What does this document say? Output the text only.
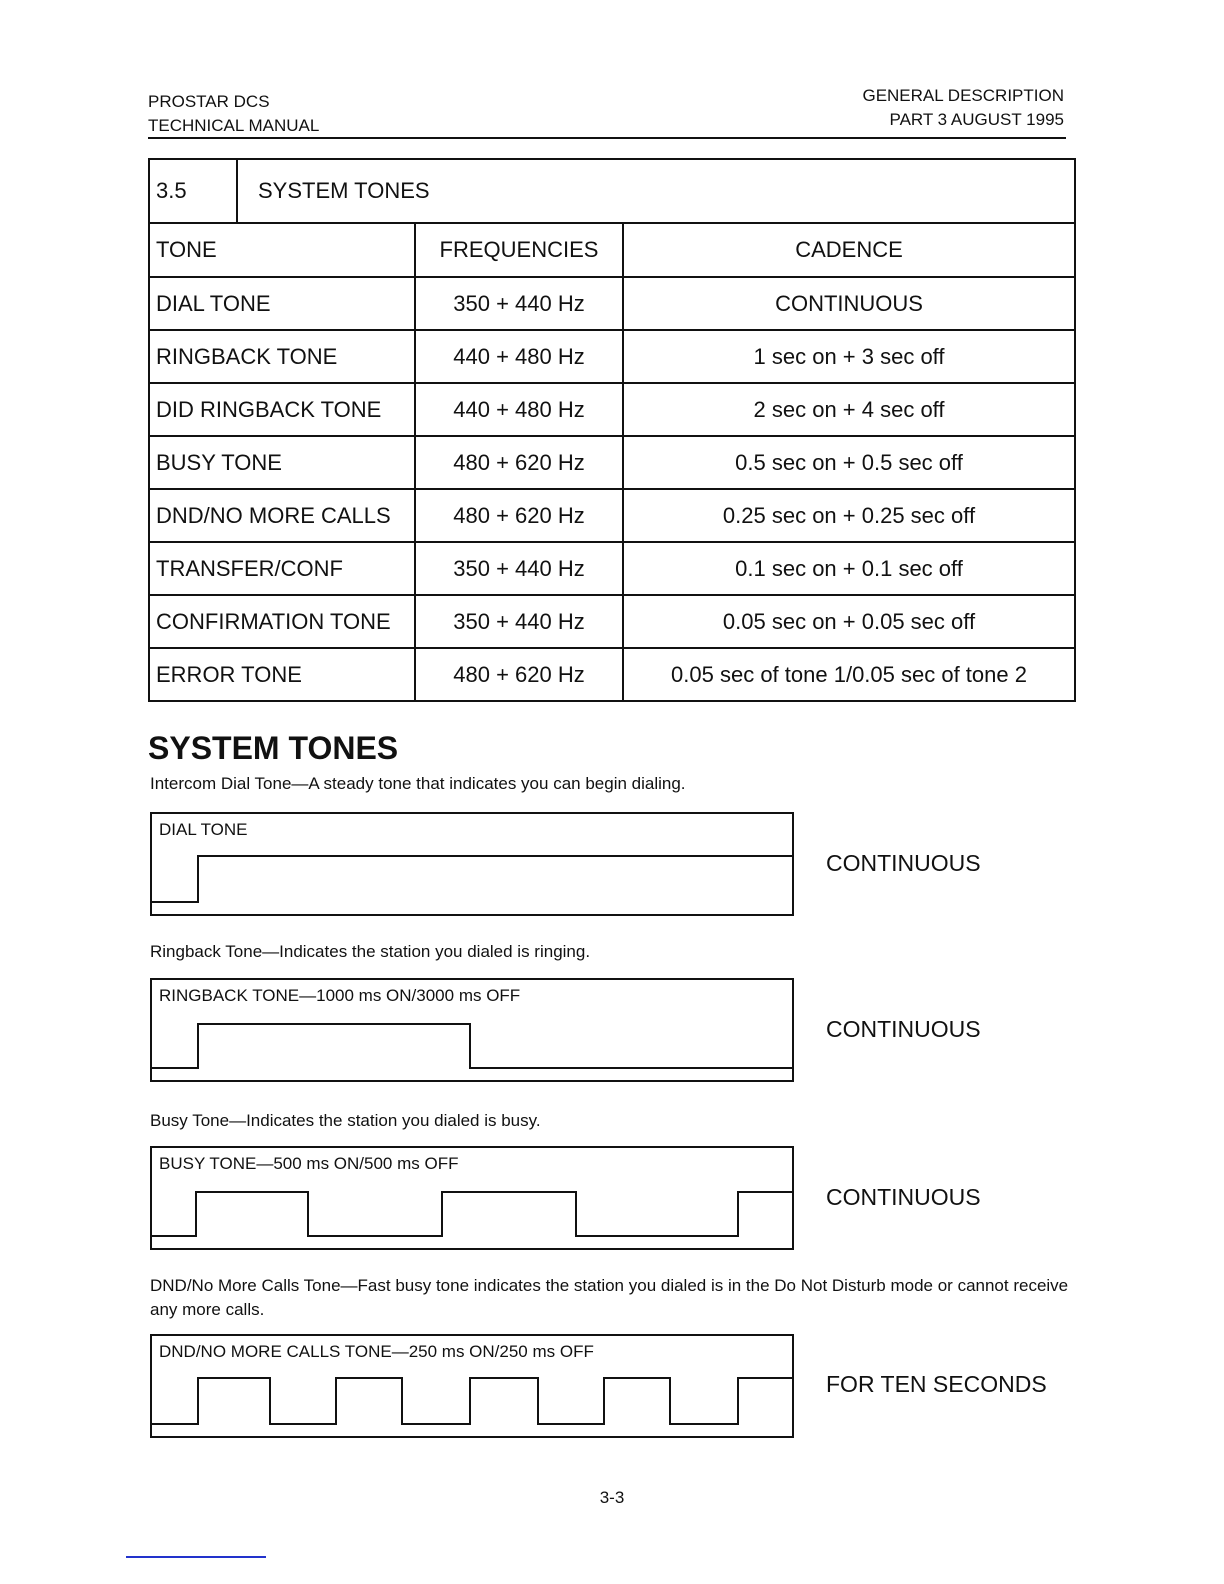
PROSTAR DCS
TECHNICAL MANUAL
GENERAL DESCRIPTION
PART 3 AUGUST 1995
3.5	SYSTEM TONES		
TONE		FREQUENCIES	CADENCE
DIAL TONE		350 + 440 Hz	CONTINUOUS
RINGBACK TONE		440 + 480 Hz	1 sec on + 3 sec off
DID RINGBACK TONE		440 + 480 Hz	2 sec on + 4 sec off
BUSY TONE		480 + 620 Hz	0.5 sec on + 0.5 sec off
DND/NO MORE CALLS		480 + 620 Hz	0.25 sec on + 0.25 sec off
TRANSFER/CONF		350 + 440 Hz	0.1 sec on + 0.1 sec off
CONFIRMATION TONE		350 + 440 Hz	0.05 sec on + 0.05 sec off
ERROR TONE		480 + 620 Hz	0.05 sec of tone 1/0.05 sec of tone 2
SYSTEM TONES
Intercom Dial Tone—A steady tone that indicates you can begin dialing.
DIAL TONE
CONTINUOUS
Ringback Tone—Indicates the station you dialed is ringing.
RINGBACK TONE—1000 ms ON/3000 ms OFF
CONTINUOUS
Busy Tone—Indicates the station you dialed is busy.
BUSY TONE—500 ms ON/500 ms OFF
CONTINUOUS
DND/No More Calls Tone—Fast busy tone indicates the station you dialed is in the Do Not Disturb mode or cannot receive any more calls.
DND/NO MORE CALLS TONE—250 ms ON/250 ms OFF
FOR TEN SECONDS
3-3
